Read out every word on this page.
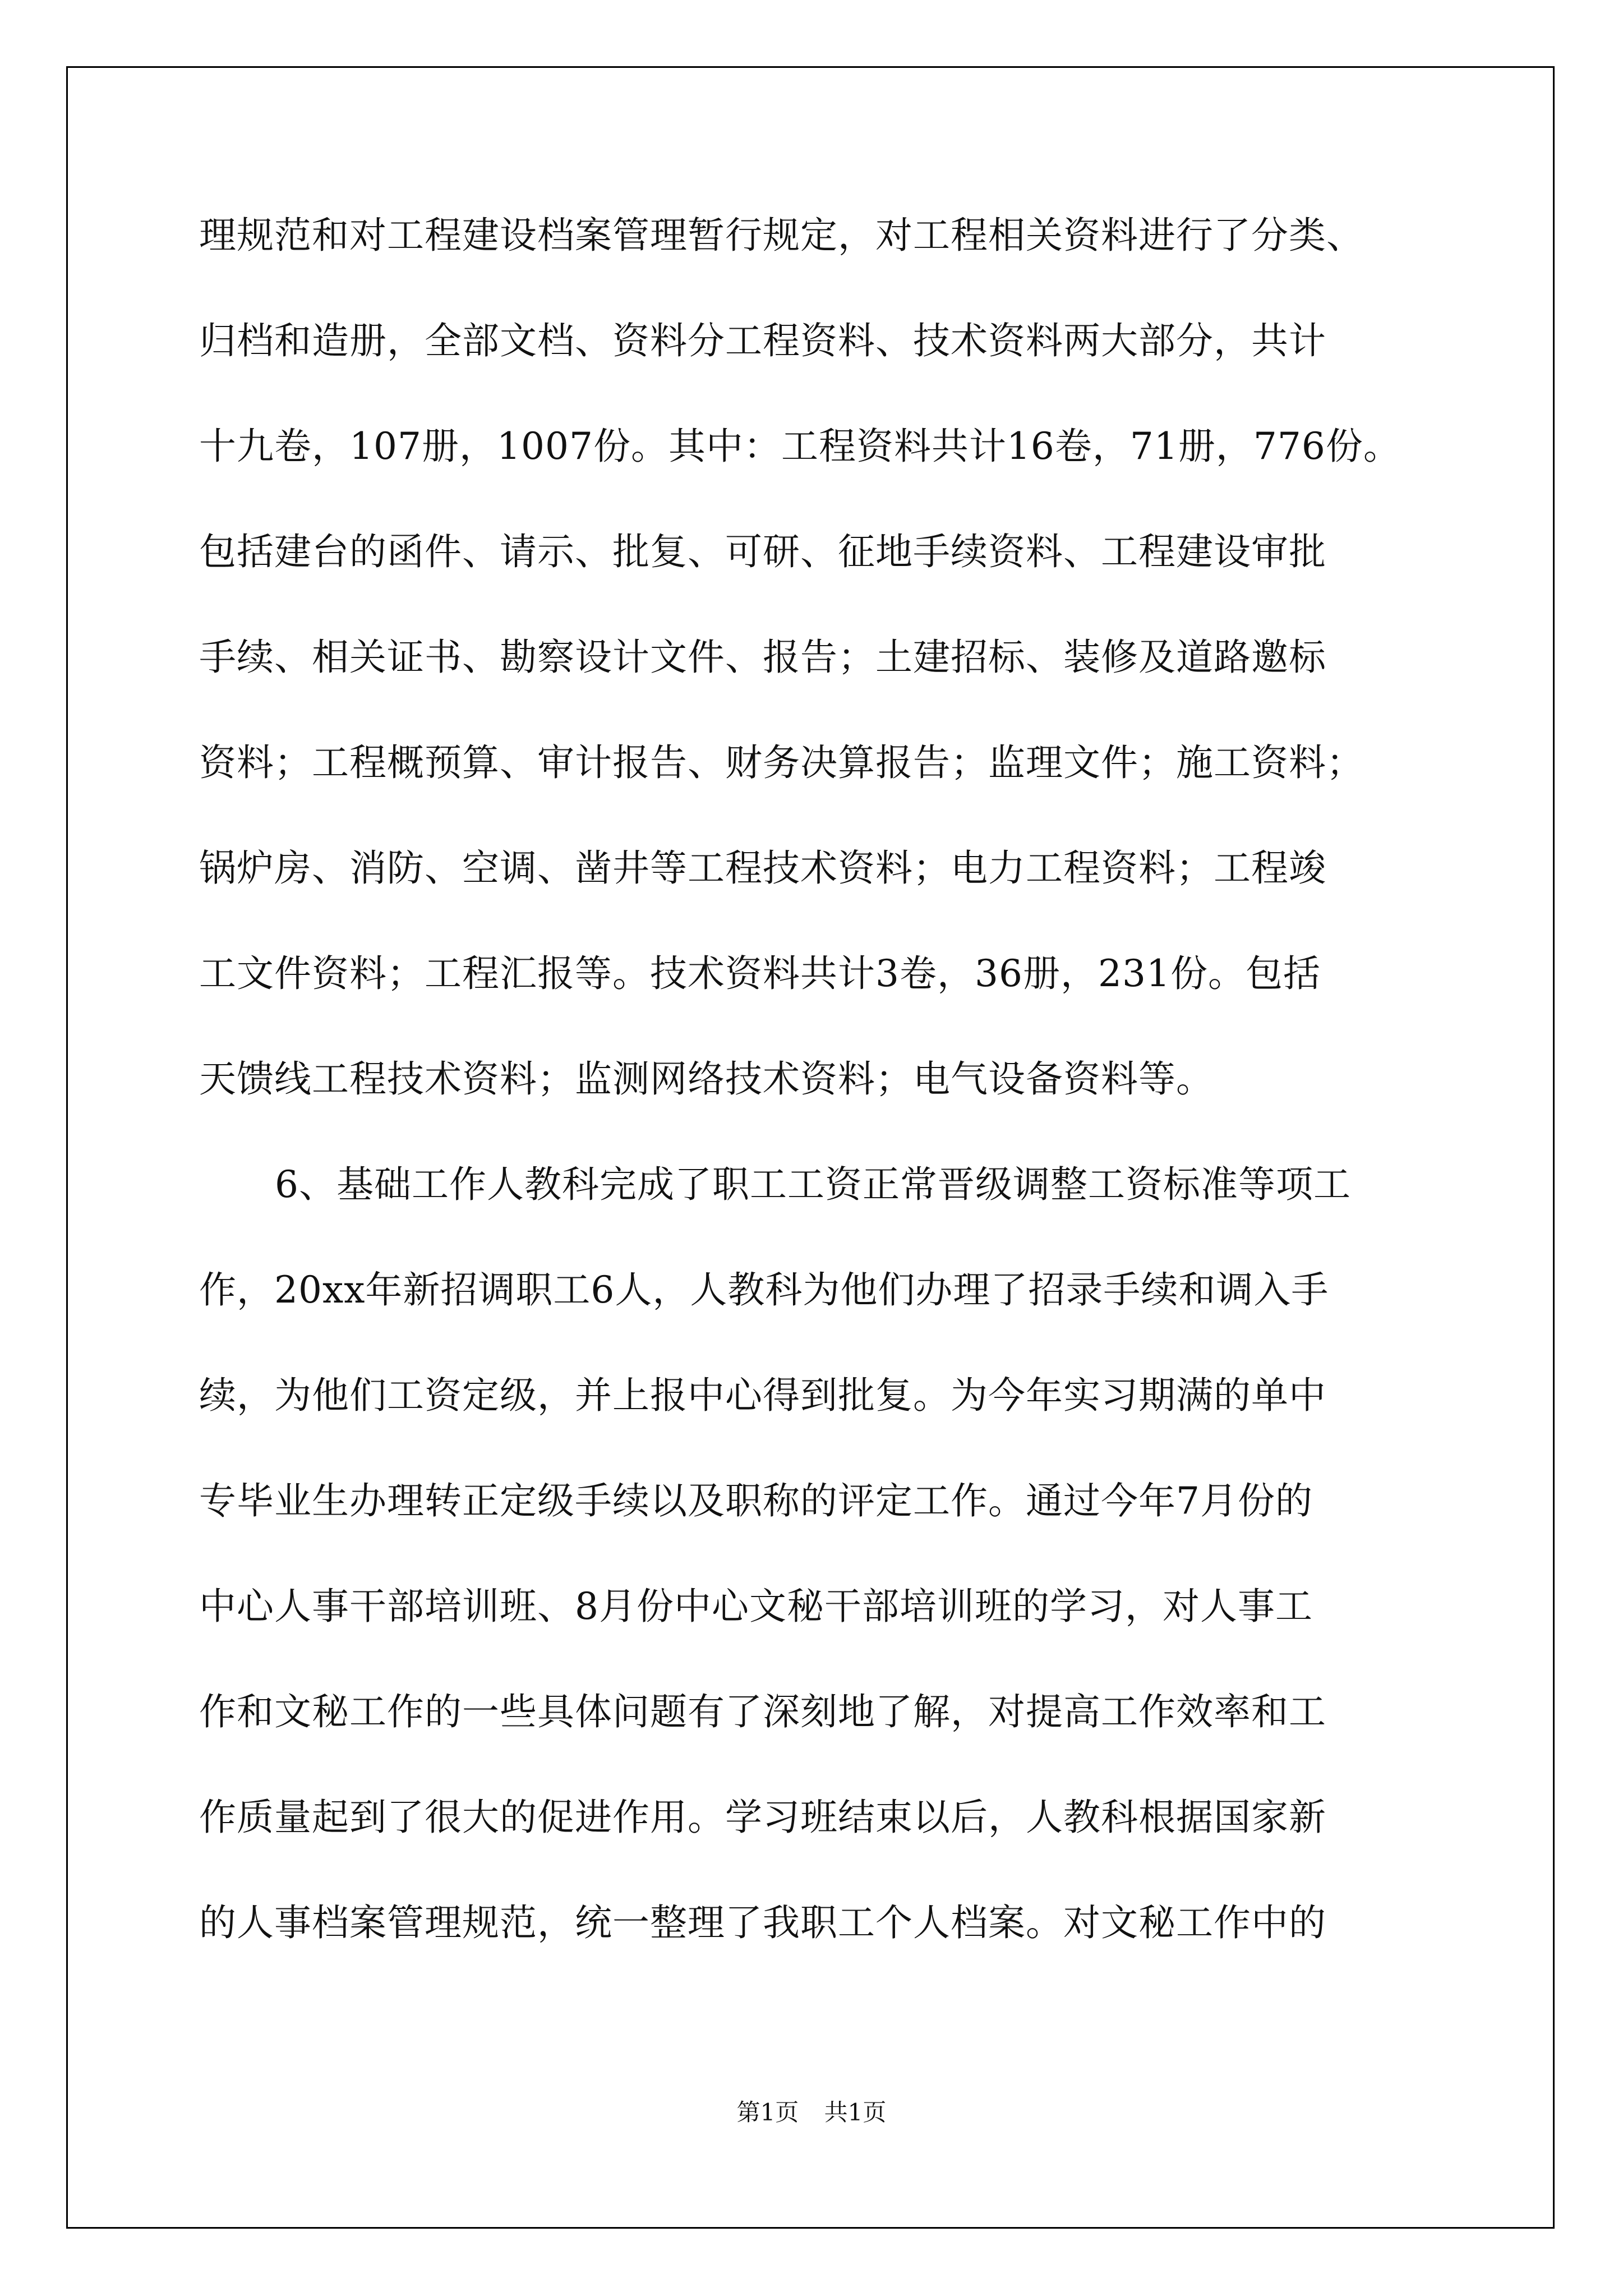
理规范和对工程建设档案管理暂行规定，对工程相关资料进行了分类、
归档和造册，全部文档、资料分工程资料、技术资料两大部分，共计
十九卷，107册，1007份。其中：工程资料共计16卷，71册，776份。
包括建台的函件、请示、批复、可研、征地手续资料、工程建设审批
手续、相关证书、勘察设计文件、报告；土建招标、装修及道路邀标
资料；工程概预算、审计报告、财务决算报告；监理文件；施工资料；
锅炉房、消防、空调、凿井等工程技术资料；电力工程资料；工程竣
工文件资料；工程汇报等。技术资料共计3卷，36册，231份。包括
天馈线工程技术资料；监测网络技术资料；电气设备资料等。
6、基础工作人教科完成了职工工资正常晋级调整工资标准等项工
作，20xx年新招调职工6人，人教科为他们办理了招录手续和调入手
续，为他们工资定级，并上报中心得到批复。为今年实习期满的单中
专毕业生办理转正定级手续以及职称的评定工作。通过今年7月份的
中心人事干部培训班、8月份中心文秘干部培训班的学习，对人事工
作和文秘工作的一些具体问题有了深刻地了解，对提高工作效率和工
作质量起到了很大的促进作用。学习班结束以后，人教科根据国家新
的人事档案管理规范，统一整理了我职工个人档案。对文秘工作中的
第1页 共1页
